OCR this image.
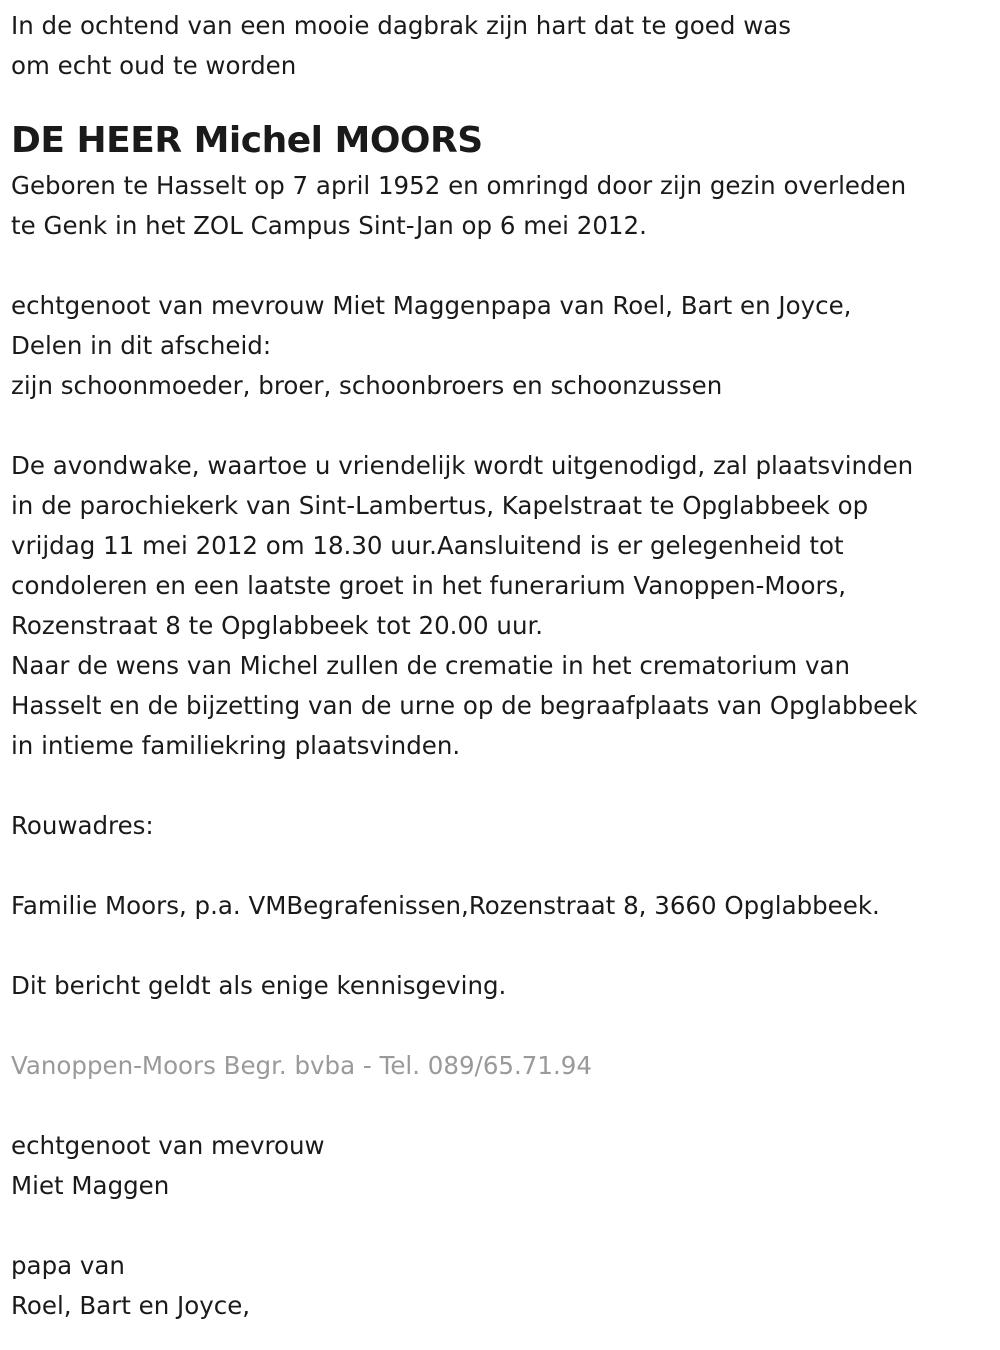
In de ochtend van een mooie dagbrak zijn hart dat te goed was
om echt oud te worden
DE HEER Michel MOORS
Geboren te Hasselt op 7 april 1952 en omringd door zijn gezin overleden
te Genk in het ZOL Campus Sint-Jan op 6 mei 2012.
echtgenoot van mevrouw Miet Maggenpapa van Roel, Bart en Joyce,
Delen in dit afscheid:
zijn schoonmoeder, broer, schoonbroers en schoonzussen
De avondwake, waartoe u vriendelijk wordt uitgenodigd, zal plaatsvinden
in de parochiekerk van Sint-Lambertus, Kapelstraat te Opglabbeek op
vrijdag 11 mei 2012 om 18.30 uur.Aansluitend is er gelegenheid tot
condoleren en een laatste groet in het funerarium Vanoppen-Moors,
Rozenstraat 8 te Opglabbeek tot 20.00 uur.
Naar de wens van Michel zullen de crematie in het crematorium van
Hasselt en de bijzetting van de urne op de begraafplaats van Opglabbeek
in intieme familiekring plaatsvinden.
Rouwadres:
Familie Moors, p.a. VMBegrafenissen,Rozenstraat 8, 3660 Opglabbeek.
Dit bericht geldt als enige kennisgeving.
Vanoppen-Moors Begr. bvba - Tel. 089/65.71.94
echtgenoot van mevrouw
Miet Maggen
papa van
Roel, Bart en Joyce,
